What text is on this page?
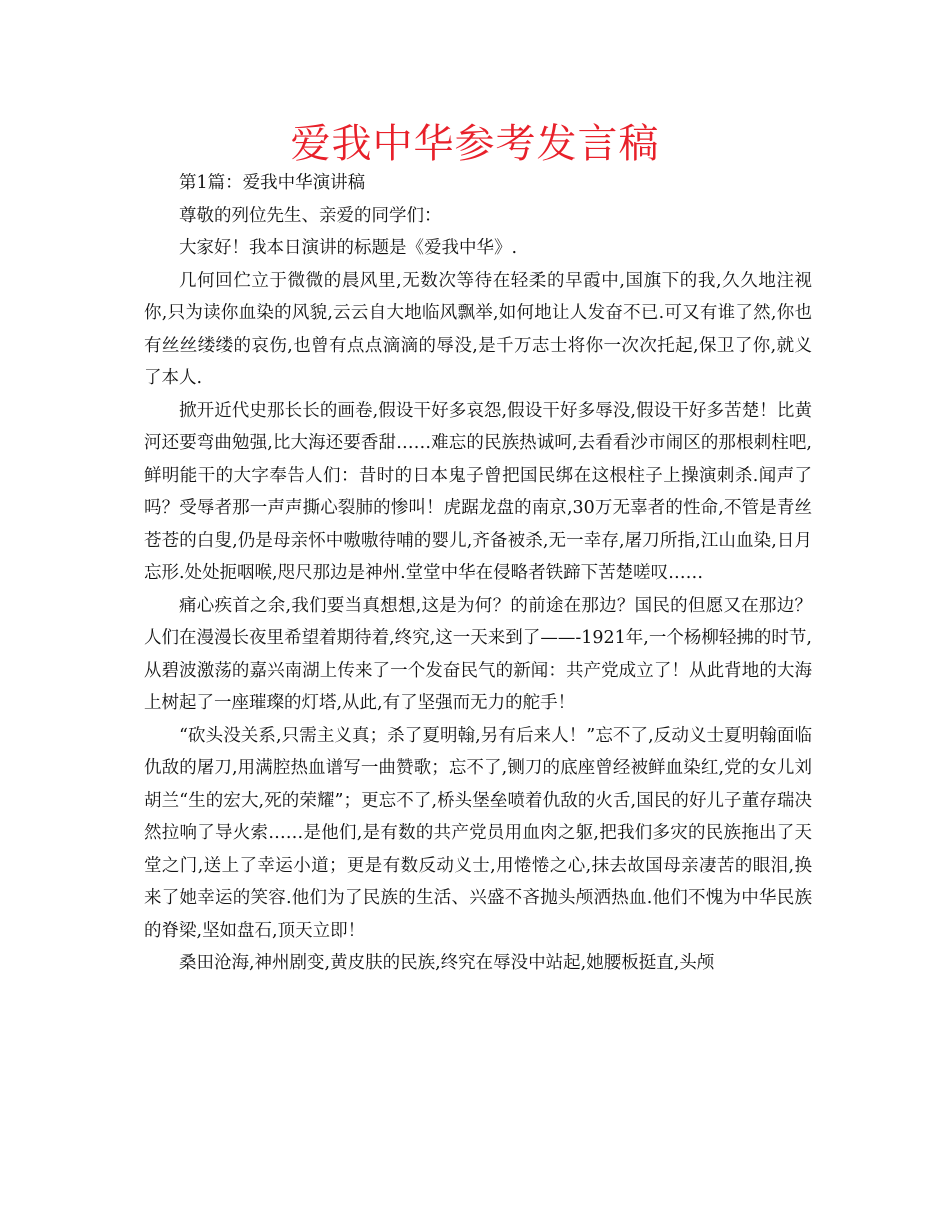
爱我中华参考发言稿

第1篇：爱我中华演讲稿

尊敬的列位先生、亲爱的同学们：

大家好！我本日演讲的标题是《爱我中华》.

几何回伫立于微微的晨风里,无数次等待在轻柔的早霞中,国旗下的我,久久地注视你,只为读你血染的风貌,云云自大地临风飘举,如何地让人发奋不已.可又有谁了然,你也有丝丝缕缕的哀伤,也曾有点点滴滴的辱没,是千万志士将你一次次托起,保卫了你,就义了本人.

掀开近代史那长长的画卷,假设干好多哀怨,假设干好多辱没,假设干好多苦楚！比黄河还要弯曲勉强,比大海还要香甜……难忘的民族热诚呵,去看看沙市闹区的那根刺柱吧,鲜明能干的大字奉告人们：昔时的日本鬼子曾把国民绑在这根柱子上操演刺杀.闻声了吗？受辱者那一声声撕心裂肺的惨叫！虎踞龙盘的南京,30万无辜者的性命,不管是青丝苍苍的白叟,仍是母亲怀中嗷嗷待哺的婴儿,齐备被杀,无一幸存,屠刀所指,江山血染,日月忘形.处处扼咽喉,咫尺那边是神州.堂堂中华在侵略者铁蹄下苦楚嗟叹……

痛心疾首之余,我们要当真想想,这是为何？的前途在那边？国民的但愿又在那边？人们在漫漫长夜里希望着期待着,终究,这一天来到了——-1921年,一个杨柳轻拂的时节,从碧波激荡的嘉兴南湖上传来了一个发奋民气的新闻：共产党成立了！从此背地的大海上树起了一座璀璨的灯塔,从此,有了坚强而无力的舵手！

“砍头没关系,只需主义真；杀了夏明翰,另有后来人！”忘不了,反动义士夏明翰面临仇敌的屠刀,用满腔热血谱写一曲赞歌；忘不了,铡刀的底座曾经被鲜血染红,党的女儿刘胡兰“生的宏大,死的荣耀”；更忘不了,桥头堡垒喷着仇敌的火舌,国民的好儿子董存瑞决然拉响了导火索……是他们,是有数的共产党员用血肉之躯,把我们多灾的民族拖出了天堂之门,送上了幸运小道；更是有数反动义士,用惓惓之心,抹去故国母亲凄苦的眼泪,换来了她幸运的笑容.他们为了民族的生活、兴盛不吝抛头颅洒热血.他们不愧为中华民族的脊梁,坚如盘石,顶天立即！

桑田沧海,神州剧变,黄皮肤的民族,终究在辱没中站起,她腰板挺直,头颅
